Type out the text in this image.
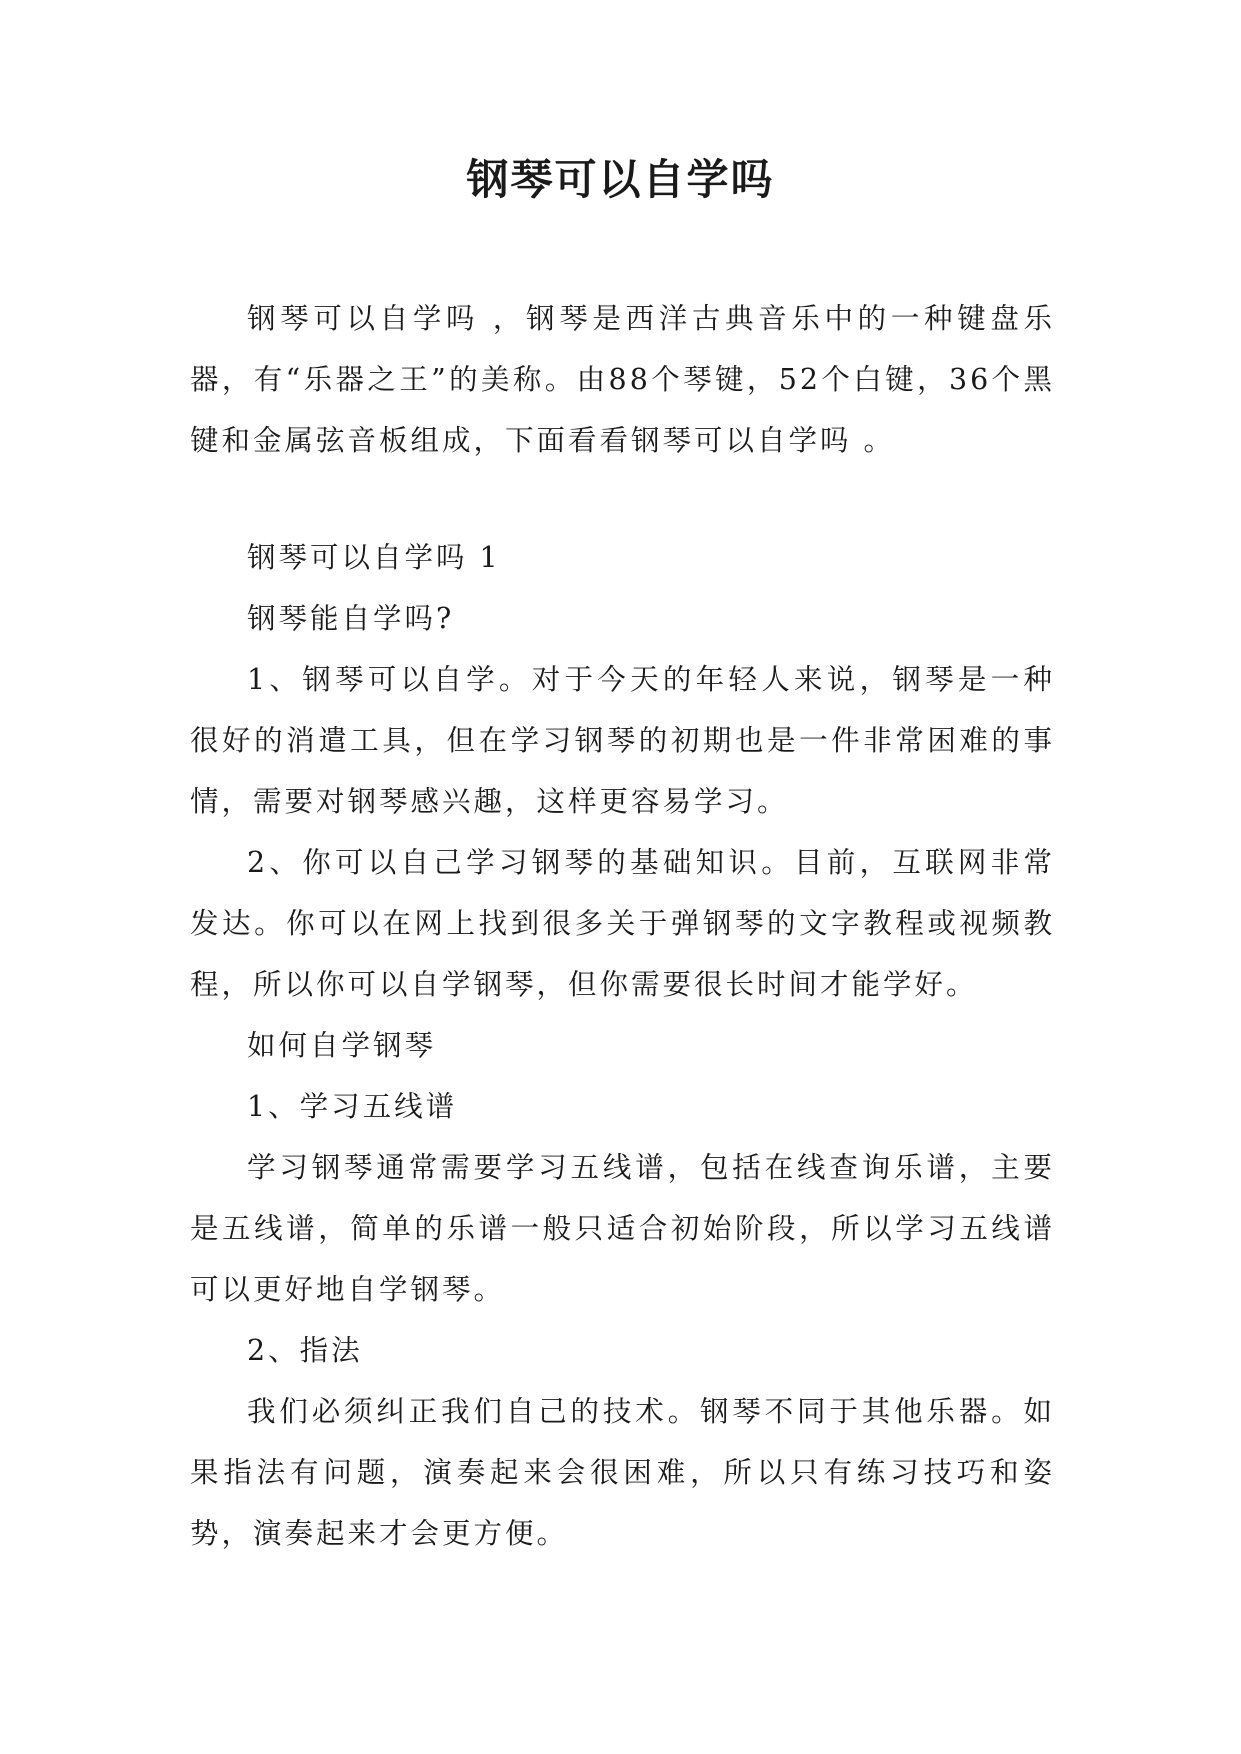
钢琴可以自学吗

钢琴可以自学吗 ，钢琴是西洋古典音乐中的一种键盘乐器，有“乐器之王”的美称。由88个琴键，52个白键，36个黑键和金属弦音板组成，下面看看钢琴可以自学吗 。

钢琴可以自学吗 1

钢琴能自学吗?

1、钢琴可以自学。对于今天的年轻人来说，钢琴是一种很好的消遣工具，但在学习钢琴的初期也是一件非常困难的事情，需要对钢琴感兴趣，这样更容易学习。

2、你可以自己学习钢琴的基础知识。目前，互联网非常发达。你可以在网上找到很多关于弹钢琴的文字教程或视频教程，所以你可以自学钢琴，但你需要很长时间才能学好。

如何自学钢琴

1、学习五线谱

学习钢琴通常需要学习五线谱，包括在线查询乐谱，主要是五线谱，简单的乐谱一般只适合初始阶段，所以学习五线谱可以更好地自学钢琴。

2、指法

我们必须纠正我们自己的技术。钢琴不同于其他乐器。如果指法有问题，演奏起来会很困难，所以只有练习技巧和姿势，演奏起来才会更方便。
